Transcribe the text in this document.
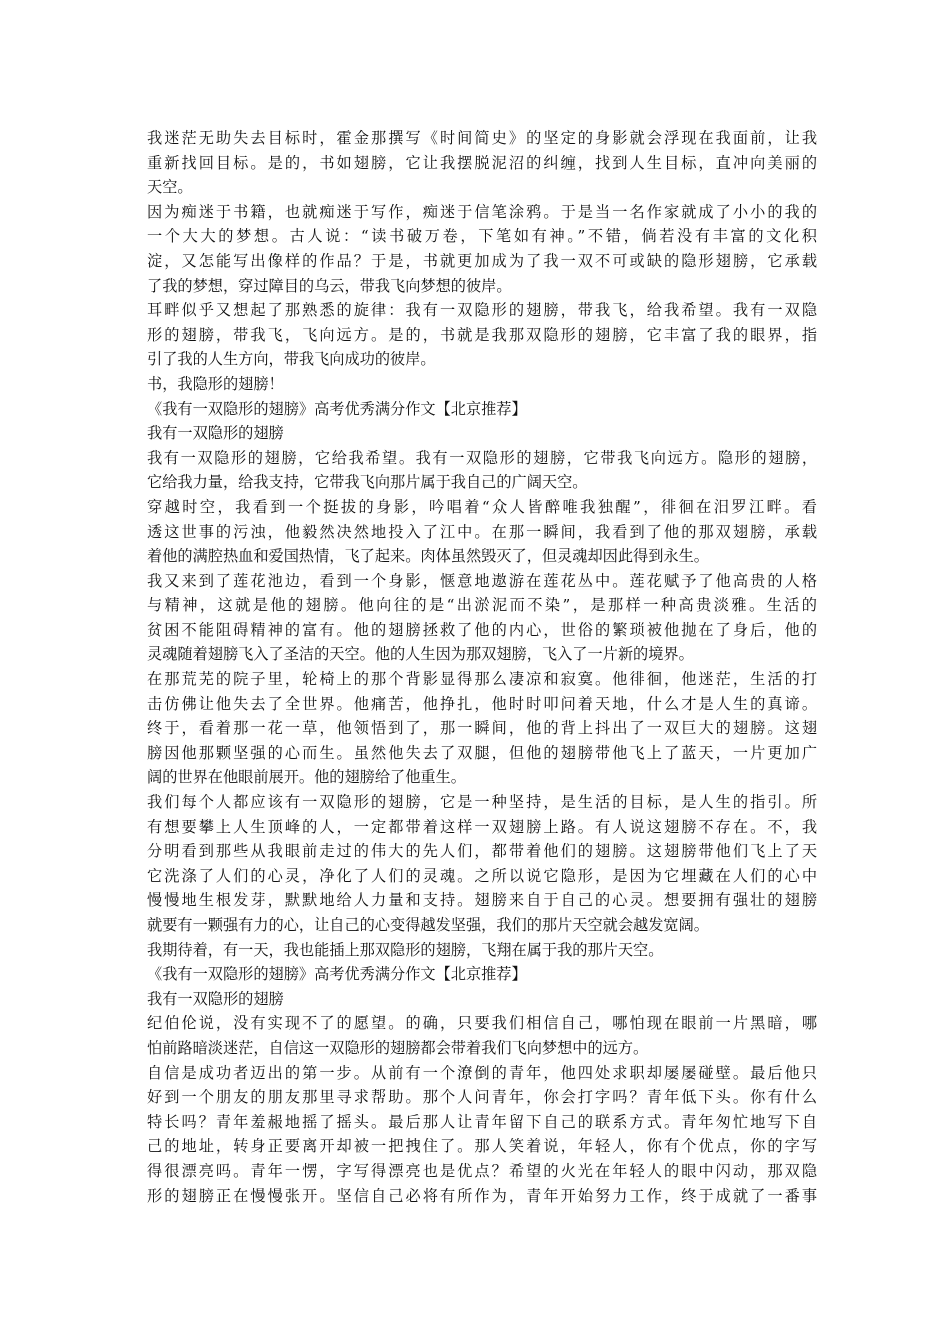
我迷茫无助失去目标时，霍金那撰写《时间简史》的坚定的身影就会浮现在我面前，让我
重新找回目标。是的，书如翅膀，它让我摆脱泥沼的纠缠，找到人生目标，直冲向美丽的
天空。
因为痴迷于书籍，也就痴迷于写作，痴迷于信笔涂鸦。于是当一名作家就成了小小的我的
一个大大的梦想。古人说：“读书破万卷，下笔如有神。”不错，倘若没有丰富的文化积
淀，又怎能写出像样的作品？于是，书就更加成为了我一双不可或缺的隐形翅膀，它承载
了我的梦想，穿过障目的乌云，带我飞向梦想的彼岸。
耳畔似乎又想起了那熟悉的旋律：我有一双隐形的翅膀，带我飞，给我希望。我有一双隐
形的翅膀，带我飞，飞向远方。是的，书就是我那双隐形的翅膀，它丰富了我的眼界，指
引了我的人生方向，带我飞向成功的彼岸。
书，我隐形的翅膀！
《我有一双隐形的翅膀》高考优秀满分作文【北京推荐】
我有一双隐形的翅膀
我有一双隐形的翅膀，它给我希望。我有一双隐形的翅膀，它带我飞向远方。隐形的翅膀，
它给我力量，给我支持，它带我飞向那片属于我自己的广阔天空。
穿越时空，我看到一个挺拔的身影，吟唱着“众人皆醉唯我独醒”，徘徊在汨罗江畔。看
透这世事的污浊，他毅然决然地投入了江中。在那一瞬间，我看到了他的那双翅膀，承载
着他的满腔热血和爱国热情，飞了起来。肉体虽然毁灭了，但灵魂却因此得到永生。
我又来到了莲花池边，看到一个身影，惬意地遨游在莲花丛中。莲花赋予了他高贵的人格
与精神，这就是他的翅膀。他向往的是“出淤泥而不染”，是那样一种高贵淡雅。生活的
贫困不能阻碍精神的富有。他的翅膀拯救了他的内心，世俗的繁琐被他抛在了身后，他的
灵魂随着翅膀飞入了圣洁的天空。他的人生因为那双翅膀，飞入了一片新的境界。
在那荒芜的院子里，轮椅上的那个背影显得那么凄凉和寂寞。他徘徊，他迷茫，生活的打
击仿佛让他失去了全世界。他痛苦，他挣扎，他时时叩问着天地，什么才是人生的真谛。
终于，看着那一花一草，他领悟到了，那一瞬间，他的背上抖出了一双巨大的翅膀。这翅
膀因他那颗坚强的心而生。虽然他失去了双腿，但他的翅膀带他飞上了蓝天，一片更加广
阔的世界在他眼前展开。他的翅膀给了他重生。
我们每个人都应该有一双隐形的翅膀，它是一种坚持，是生活的目标，是人生的指引。所
有想要攀上人生顶峰的人，一定都带着这样一双翅膀上路。有人说这翅膀不存在。不，我
分明看到那些从我眼前走过的伟大的先人们，都带着他们的翅膀。这翅膀带他们飞上了天
它洗涤了人们的心灵，净化了人们的灵魂。之所以说它隐形，是因为它埋藏在人们的心中
慢慢地生根发芽，默默地给人力量和支持。翅膀来自于自己的心灵。想要拥有强壮的翅膀
就要有一颗强有力的心，让自己的心变得越发坚强，我们的那片天空就会越发宽阔。
我期待着，有一天，我也能插上那双隐形的翅膀，飞翔在属于我的那片天空。
《我有一双隐形的翅膀》高考优秀满分作文【北京推荐】
我有一双隐形的翅膀
纪伯伦说，没有实现不了的愿望。的确，只要我们相信自己，哪怕现在眼前一片黑暗，哪
怕前路暗淡迷茫，自信这一双隐形的翅膀都会带着我们飞向梦想中的远方。
自信是成功者迈出的第一步。从前有一个潦倒的青年，他四处求职却屡屡碰壁。最后他只
好到一个朋友的朋友那里寻求帮助。那个人问青年，你会打字吗？青年低下头。你有什么
特长吗？青年羞赧地摇了摇头。最后那人让青年留下自己的联系方式。青年匆忙地写下自
己的地址，转身正要离开却被一把拽住了。那人笑着说，年轻人，你有个优点，你的字写
得很漂亮吗。青年一愣，字写得漂亮也是优点？希望的火光在年轻人的眼中闪动，那双隐
形的翅膀正在慢慢张开。坚信自己必将有所作为，青年开始努力工作，终于成就了一番事
